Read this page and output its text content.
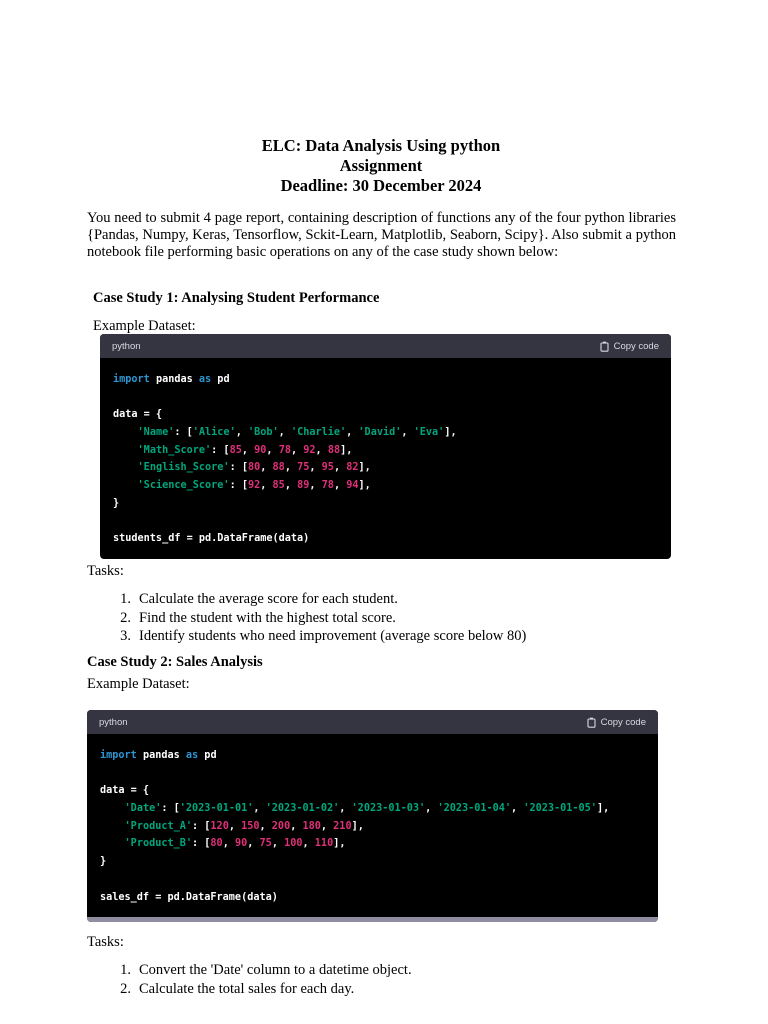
ELC: Data Analysis Using python
Assignment
Deadline: 30 December 2024
You need to submit 4 page report, containing description of functions any of the four python libraries {Pandas, Numpy, Keras, Tensorflow, Sckit-Learn, Matplotlib, Seaborn, Scipy}. Also submit a python notebook file performing basic operations on any of the case study shown below:
Case Study 1: Analysing Student Performance
Example Dataset:
python	Copy code
import pandas as pd
data = {
'Name': ['Alice', 'Bob', 'Charlie', 'David', 'Eva'],
'Math_Score': [85, 90, 78, 92, 88],
'English_Score': [80, 88, 75, 95, 82],
'Science_Score': [92, 85, 89, 78, 94],
}
students_df = pd.DataFrame(data)
Tasks:
1. Calculate the average score for each student.
2. Find the student with the highest total score.
3. Identify students who need improvement (average score below 80)
Case Study 2: Sales Analysis
Example Dataset:
python	Copy code
import pandas as pd
data = {
'Date': ['2023-01-01', '2023-01-02', '2023-01-03', '2023-01-04', '2023-01-05'],
'Product_A': [120, 150, 200, 180, 210],
'Product_B': [80, 90, 75, 100, 110],
}
sales_df = pd.DataFrame(data)
Tasks:
1. Convert the 'Date' column to a datetime object.
2. Calculate the total sales for each day.
